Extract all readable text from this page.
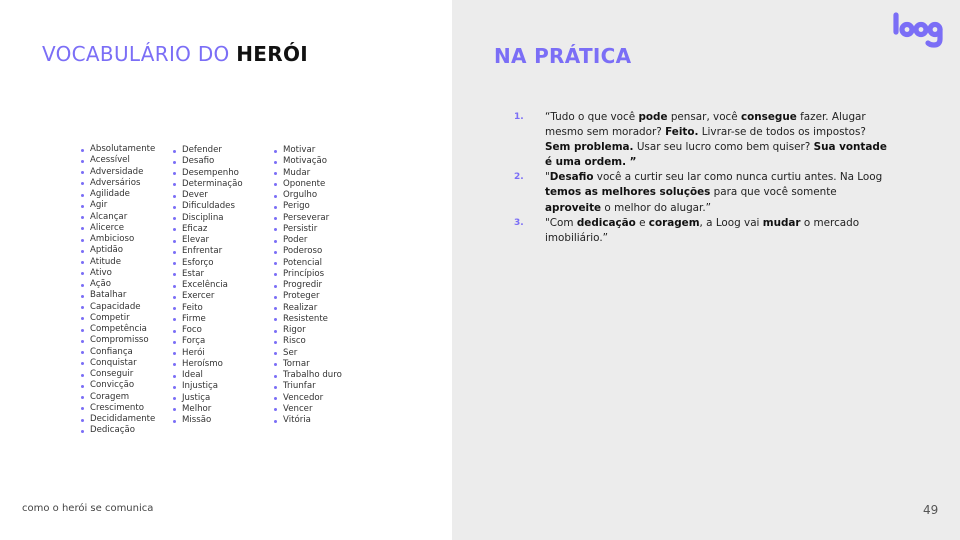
VOCABULÁRIO DO HERÓI
Absolutamente
Acessível
Adversidade
Adversários
Agilidade
Agir
Alcançar
Alicerce
Ambicioso
Aptidão
Atitude
Ativo
Ação
Batalhar
Capacidade
Competir
Competência
Compromisso
Confiança
Conquistar
Conseguir
Convicção
Coragem
Crescimento
Decididamente
Dedicação
Defender
Desafio
Desempenho
Determinação
Dever
Dificuldades
Disciplina
Eficaz
Elevar
Enfrentar
Esforço
Estar
Excelência
Exercer
Feito
Firme
Foco
Força
Herói
Heroísmo
Ideal
Injustiça
Justiça
Melhor
Missão
Motivar
Motivação
Mudar
Oponente
Orgulho
Perigo
Perseverar
Persistir
Poder
Poderoso
Potencial
Princípios
Progredir
Proteger
Realizar
Resistente
Rigor
Risco
Ser
Tornar
Trabalho duro
Triunfar
Vencedor
Vencer
Vitória
como o herói se comunica
NA PRÁTICA
1. “Tudo o que você pode pensar, você consegue fazer. Alugar mesmo sem morador? Feito. Livrar-se de todos os impostos? Sem problema. Usar seu lucro como bem quiser? Sua vontade é uma ordem. ”
2. "Desafio você a curtir seu lar como nunca curtiu antes. Na Loog temos as melhores soluções para que você somente aproveite o melhor do alugar.”
3. "Com dedicação e coragem, a Loog vai mudar o mercado imobiliário.”
49
